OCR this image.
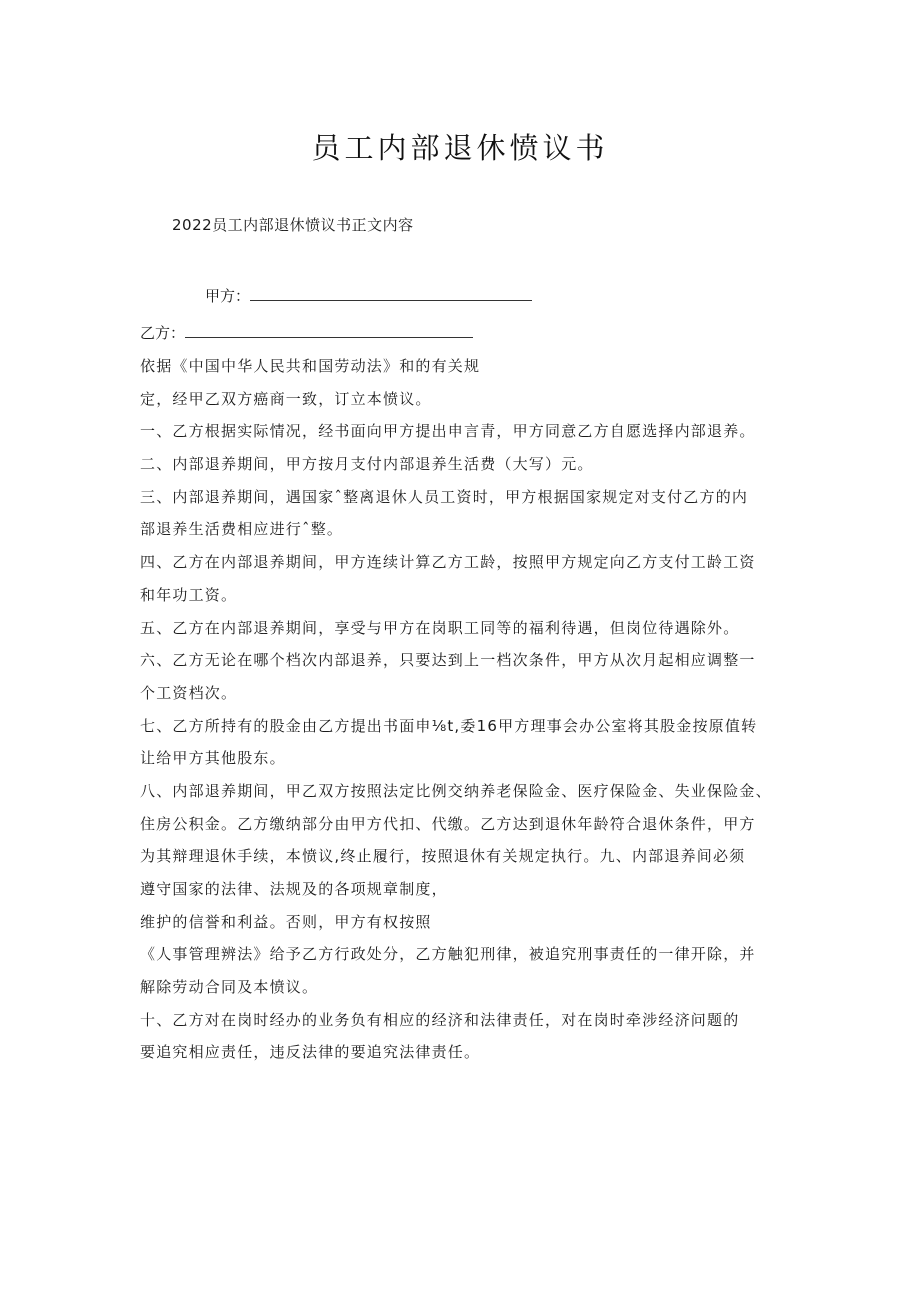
员工内部退休愤议书
2022员工内部退休愤议书正文内容
甲方：
乙方：
依据《中国中华人民共和国劳动法》和的有关规
定，经甲乙双方癌商一致，订立本愤议。
一、乙方根据实际情况，经书面向甲方提出申言青，甲方同意乙方自愿选择内部退养。
二、内部退养期间，甲方按月支付内部退养生活费（大写）元。
三、内部退养期间，遇国家ˆ整离退休人员工资时，甲方根据国家规定对支付乙方的内
部退养生活费相应进行ˆ整。
四、乙方在内部退养期间，甲方连续计算乙方工龄，按照甲方规定向乙方支付工龄工资
和年功工资。
五、乙方在内部退养期间，享受与甲方在岗职工同等的福利待遇，但岗位待遇除外。
六、乙方无论在哪个档次内部退养，只要达到上一档次条件，甲方从次月起相应调整一
个工资档次。
七、乙方所持有的股金由乙方提出书面申⅛t,委16甲方理事会办公室将其股金按原值转
让给甲方其他股东。
八、内部退养期间，甲乙双方按照法定比例交纳养老保险金、医疗保险金、失业保险金、
住房公积金。乙方缴纳部分由甲方代扣、代缴。乙方达到退休年龄符合退休条件，甲方
为其辩理退休手续，本愤议,终止履行，按照退休有关规定执行。九、内部退养间必须
遵守国家的法律、法规及的各项规章制度，
维护的信誉和利益。否则，甲方有权按照
《人事管理辨法》给予乙方行政处分，乙方触犯刑律，被追究刑事责任的一律开除，并
解除劳动合同及本愤议。
十、乙方对在岗时经办的业务负有相应的经济和法律责任，对在岗时牵涉经济问题的
要追究相应责任，违反法律的要追究法律责任。
